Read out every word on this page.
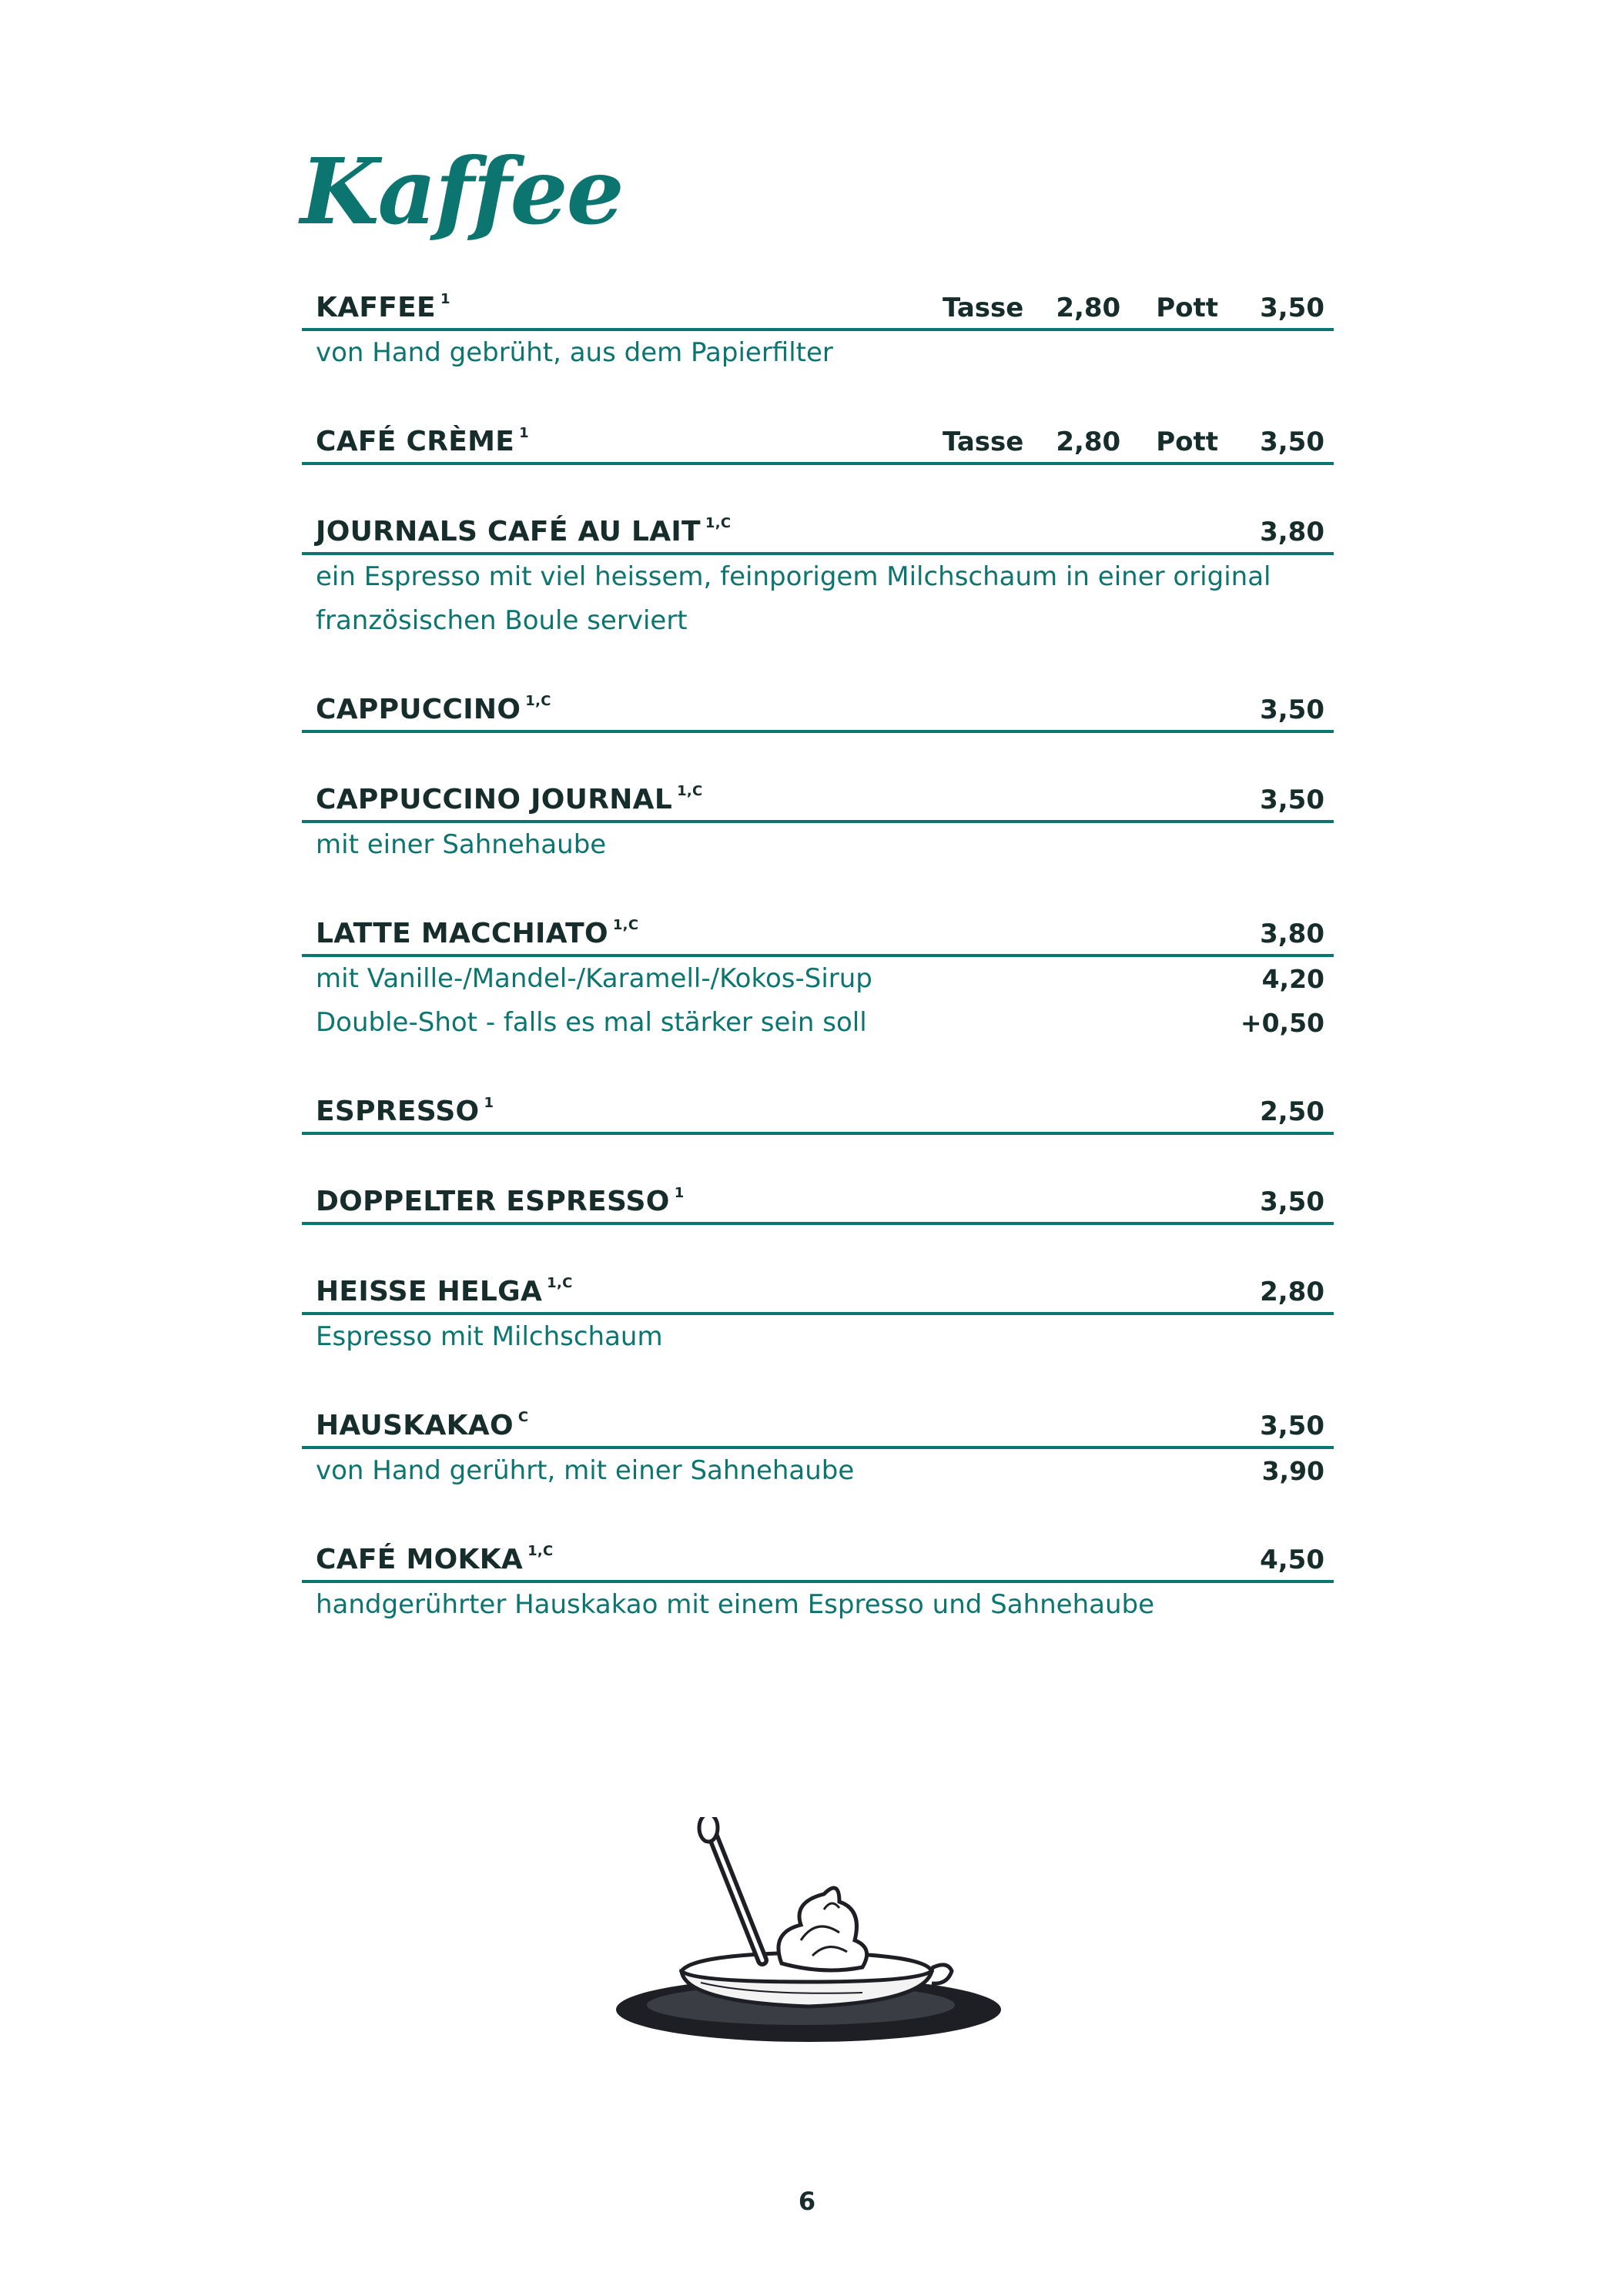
Kaffee
KAFFEE $^1$	Tasse 2,80 Pott 3,50
von Hand gebrüht, aus dem Papierfilter
CAFÉ CRÈME $^1$	Tasse 2,80 Pott 3,50
JOURNALS CAFÉ AU LAIT $^{1,C}$	3,80
ein Espresso mit viel heissem, feinporigem Milchschaum in einer original
französischen Boule serviert
CAPPUCCINO $^{1,C}$	3,50
CAPPUCCINO JOURNAL $^{1,C}$	3,50
mit einer Sahnehaube
LATTE MACCHIATO $^{1,C}$	3,80
mit Vanille-/Mandel-/Karamell-/Kokos-Sirup	4,20
Double-Shot - falls es mal stärker sein soll	+0,50
ESPRESSO $^1$	2,50
DOPPELTER ESPRESSO $^1$	3,50
HEISSE HELGA $^{1,C}$	2,80
Espresso mit Milchschaum
HAUSKAKAO $^C$	3,50
von Hand gerührt, mit einer Sahnehaube	3,90
CAFÉ MOKKA $^{1,C}$	4,50
handgerührter Hauskakao mit einem Espresso und Sahnehaube
6
